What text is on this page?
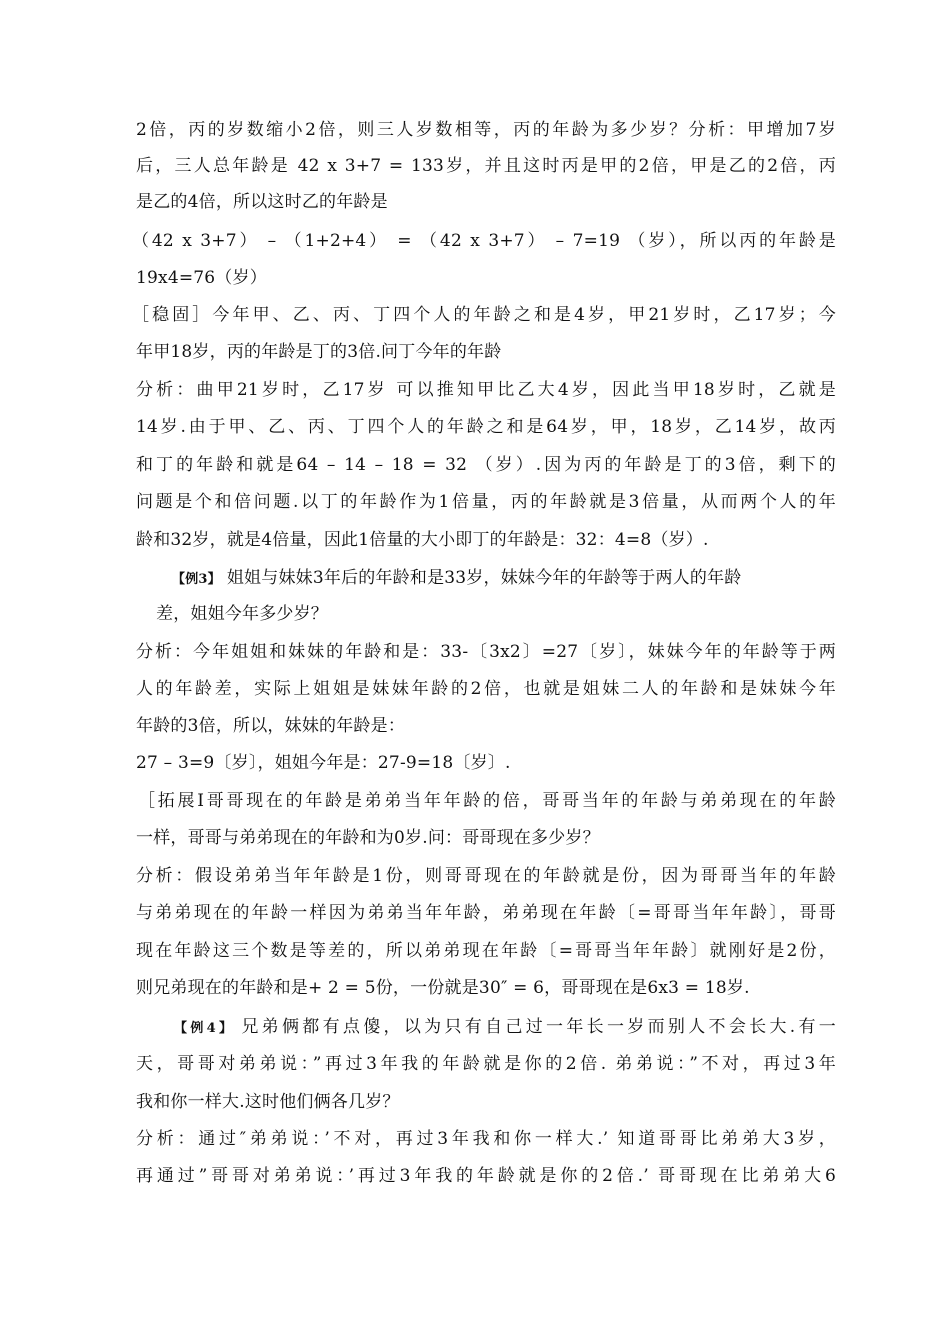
2倍，丙的岁数缩小2倍，则三人岁数相等，丙的年龄为多少岁？分析：甲增加7岁
后，三人总年龄是 42 x 3+7 = 133岁，并且这时丙是甲的2倍，甲是乙的2倍，丙
是乙的4倍，所以这时乙的年龄是
（42 x 3+7） – （1+2+4） = （42 x 3+7） – 7=19 （岁），所以丙的年龄是
19x4=76（岁）
［稳固］今年甲、乙、丙、丁四个人的年龄之和是4岁，甲21岁时，乙17岁；今
年甲18岁，丙的年龄是丁的3倍.问丁今年的年龄
分析：曲甲21岁时，乙17岁 可以推知甲比乙大4岁，因此当甲18岁时，乙就是
14岁.由于甲、乙、丙、丁四个人的年龄之和是64岁，甲，18岁，乙14岁，故丙
和丁的年龄和就是64 – 14 – 18 = 32 （岁）.因为丙的年龄是丁的3倍，剩下的
问题是个和倍问题.以丁的年龄作为1倍量，丙的年龄就是3倍量，从而两个人的年
龄和32岁，就是4倍量，因此1倍量的大小即丁的年龄是：32：4=8（岁）.
【例3】 姐姐与妹妹3年后的年龄和是33岁，妹妹今年的年龄等于两人的年龄
差，姐姐今年多少岁？
分析：今年姐姐和妹妹的年龄和是：33-〔3x2〕=27〔岁〕，妹妹今年的年龄等于两
人的年龄差，实际上姐姐是妹妹年龄的2倍，也就是姐妹二人的年龄和是妹妹今年
年龄的3倍，所以，妹妹的年龄是：
27 – 3=9〔岁〕，姐姐今年是：27-9=18〔岁〕.
［拓展I哥哥现在的年龄是弟弟当年年龄的倍，哥哥当年的年龄与弟弟现在的年龄
一样，哥哥与弟弟现在的年龄和为0岁.问：哥哥现在多少岁？
分析：假设弟弟当年年龄是1份，则哥哥现在的年龄就是份，因为哥哥当年的年龄
与弟弟现在的年龄一样因为弟弟当年年龄，弟弟现在年龄〔=哥哥当年年龄〕，哥哥
现在年龄这三个数是等差的，所以弟弟现在年龄〔=哥哥当年年龄〕就刚好是2份，
则兄弟现在的年龄和是+ 2 = 5份，一份就是30″ = 6，哥哥现在是6x3 = 18岁.
【例4】 兄弟俩都有点傻，以为只有自己过一年长一岁而别人不会长大.有一
天，哥哥对弟弟说：”再过3年我的年龄就是你的2倍. 弟弟说：”不对，再过3年
我和你一样大.这时他们俩各几岁？
分析：通过″弟弟说：’不对，再过3年我和你一样大.’ 知道哥哥比弟弟大3岁，
再通过”哥哥对弟弟说：’再过3年我的年龄就是你的2倍.’ 哥哥现在比弟弟大6
